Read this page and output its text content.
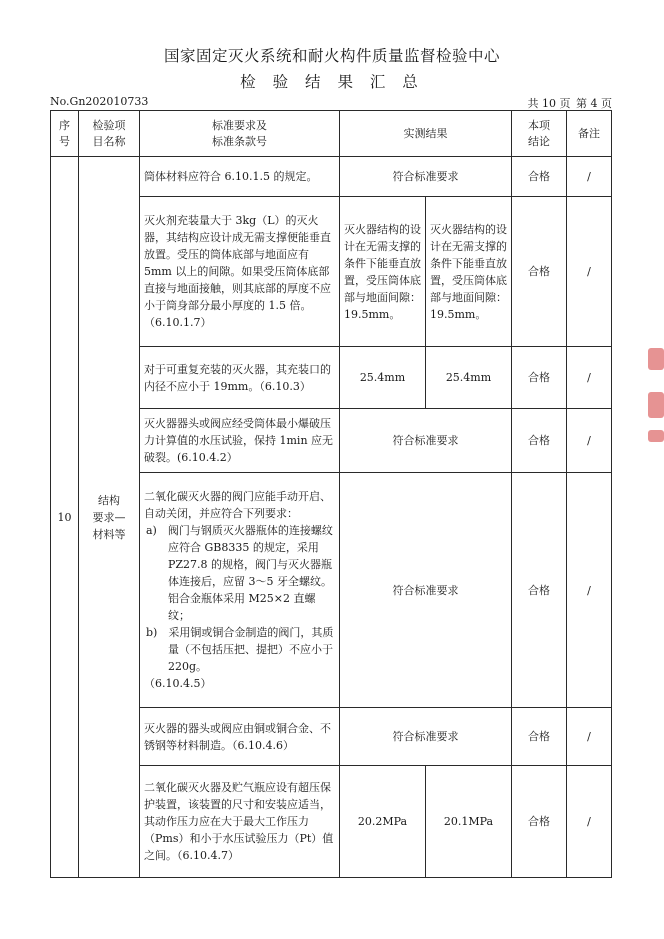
国家固定灭火系统和耐火构件质量监督检验中心
检 验 结 果 汇 总
No.Gn202010733	共 10 页 第 4 页
序
号	检验项
目名称	标准要求及
标准条款号	实测结果		本项
结论	备注
10	结构
要求—
材料等	筒体材料应符合 6.10.1.5 的规定。	符合标准要求		合格	/
		灭火剂充装量大于 3kg（L）的灭火器，其结构应设计成无需支撑便能垂直放置。受压的筒体底部与地面应有 5mm 以上的间隙。如果受压筒体底部直接与地面接触，则其底部的厚度不应小于筒身部分最小厚度的 1.5 倍。（6.10.1.7）	灭火器结构的设计在无需支撑的条件下能垂直放置，受压筒体底部与地面间隙：19.5mm。	灭火器结构的设计在无需支撑的条件下能垂直放置，受压筒体底部与地面间隙：19.5mm。	合格	/
		对于可重复充装的灭火器，其充装口的内径不应小于 19mm。（6.10.3）	25.4mm	25.4mm	合格	/
		灭火器器头或阀应经受筒体最小爆破压力计算值的水压试验，保持 1min 应无破裂。(6.10.4.2）	符合标准要求		合格	/
		二氧化碳灭火器的阀门应能手动开启、自动关闭，并应符合下列要求：
a)　阀门与钢质灭火器瓶体的连接螺纹应符合 GB8335 的规定，采用 PZ27.8 的规格，阀门与灭火器瓶体连接后，应留 3～5 牙全螺纹。铝合金瓶体采用 M25×2 直螺纹；
b)　采用铜或铜合金制造的阀门，其质量（不包括压把、提把）不应小于 220g。
（6.10.4.5）	符合标准要求		合格	/
		灭火器的器头或阀应由铜或铜合金、不锈钢等材料制造。（6.10.4.6）	符合标准要求		合格	/
		二氧化碳灭火器及贮气瓶应设有超压保护装置，该装置的尺寸和安装应适当，其动作压力应在大于最大工作压力（Pms）和小于水压试验压力（Pt）值之间。（6.10.4.7）	20.2MPa	20.1MPa	合格	/
